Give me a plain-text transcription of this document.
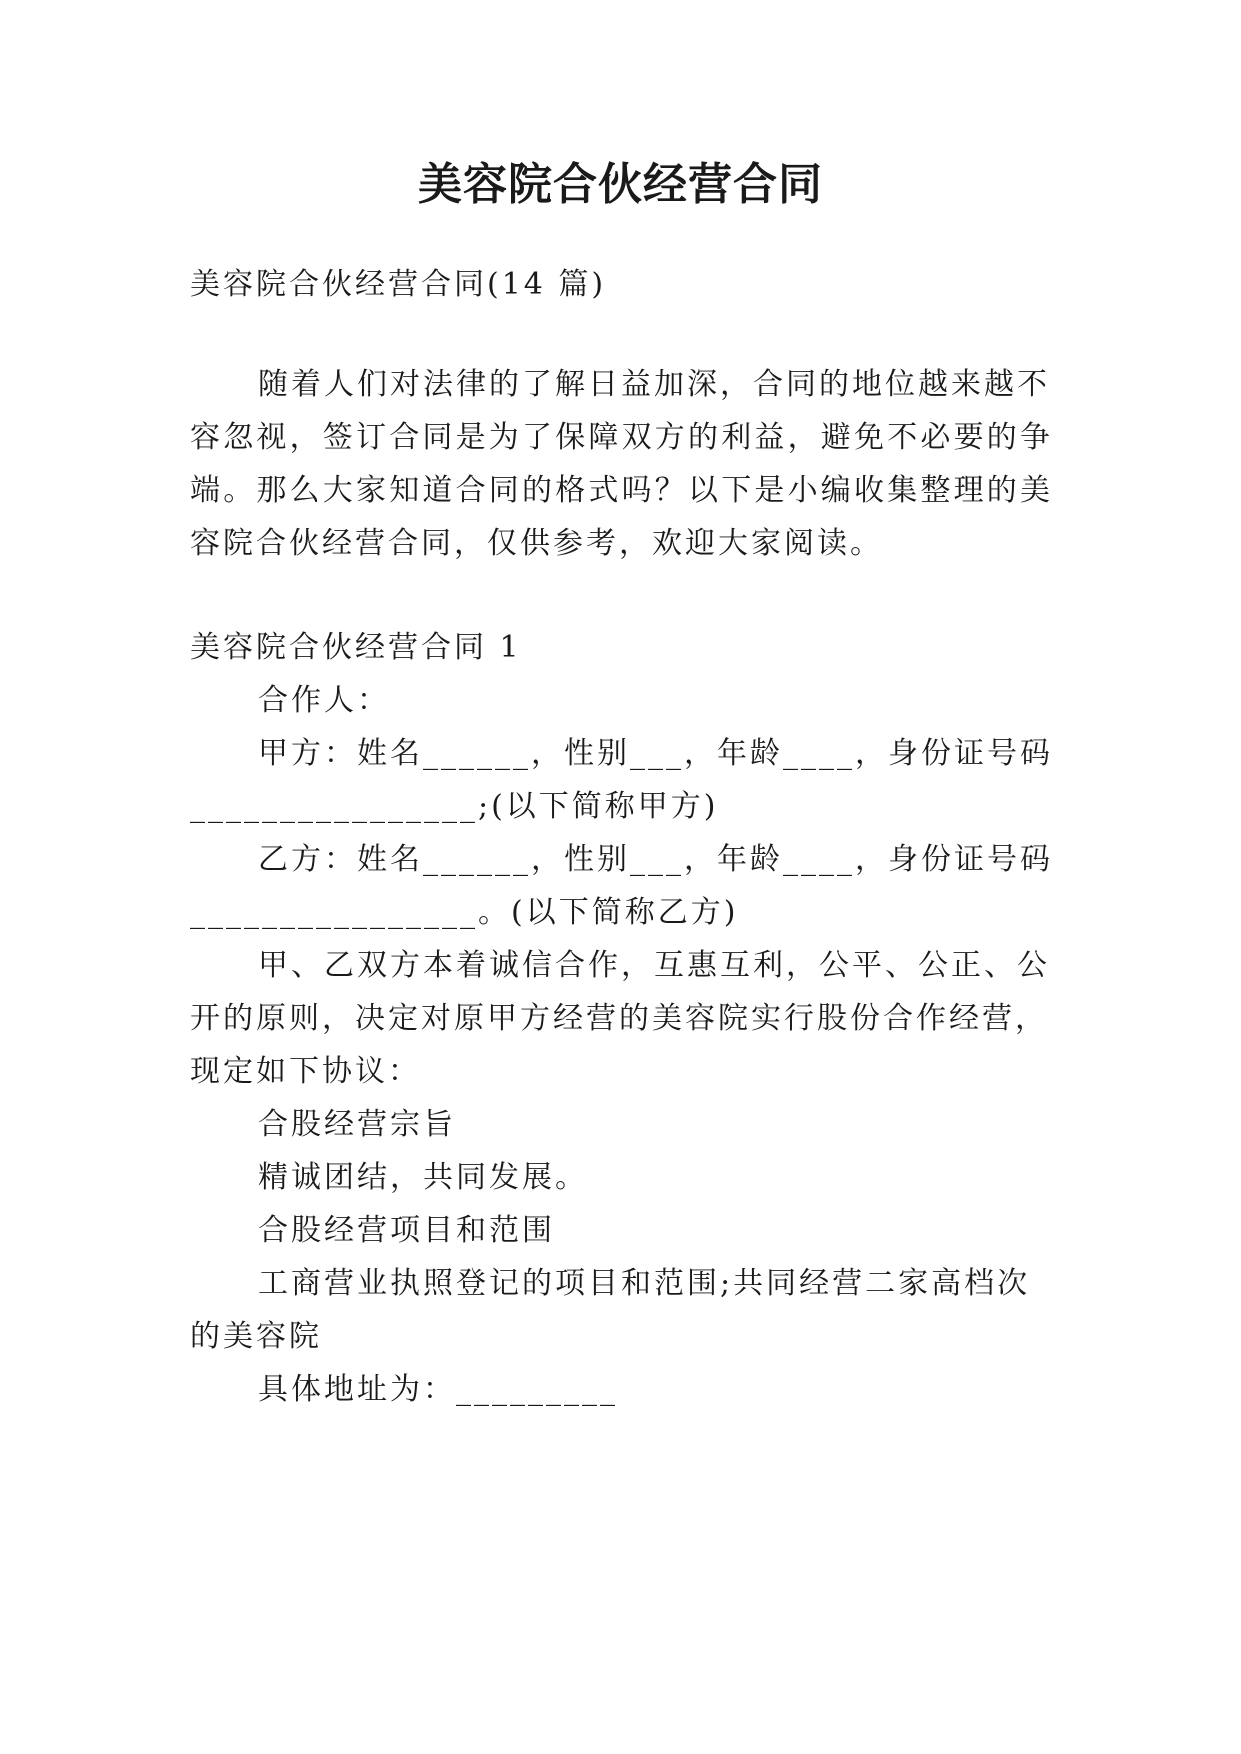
美容院合伙经营合同
美容院合伙经营合同(14 篇)
随着人们对法律的了解日益加深，合同的地位越来越不
容忽视，签订合同是为了保障双方的利益，避免不必要的争
端。那么大家知道合同的格式吗？以下是小编收集整理的美
容院合伙经营合同，仅供参考，欢迎大家阅读。
美容院合伙经营合同 1
合作人：
甲方：姓名______，性别___，年龄____，身份证号码
________________;(以下简称甲方)
乙方：姓名______，性别___，年龄____，身份证号码
________________。(以下简称乙方)
甲、乙双方本着诚信合作，互惠互利，公平、公正、公
开的原则，决定对原甲方经营的美容院实行股份合作经营，
现定如下协议：
合股经营宗旨
精诚团结，共同发展。
合股经营项目和范围
工商营业执照登记的项目和范围;共同经营二家高档次
的美容院
具体地址为：_________
